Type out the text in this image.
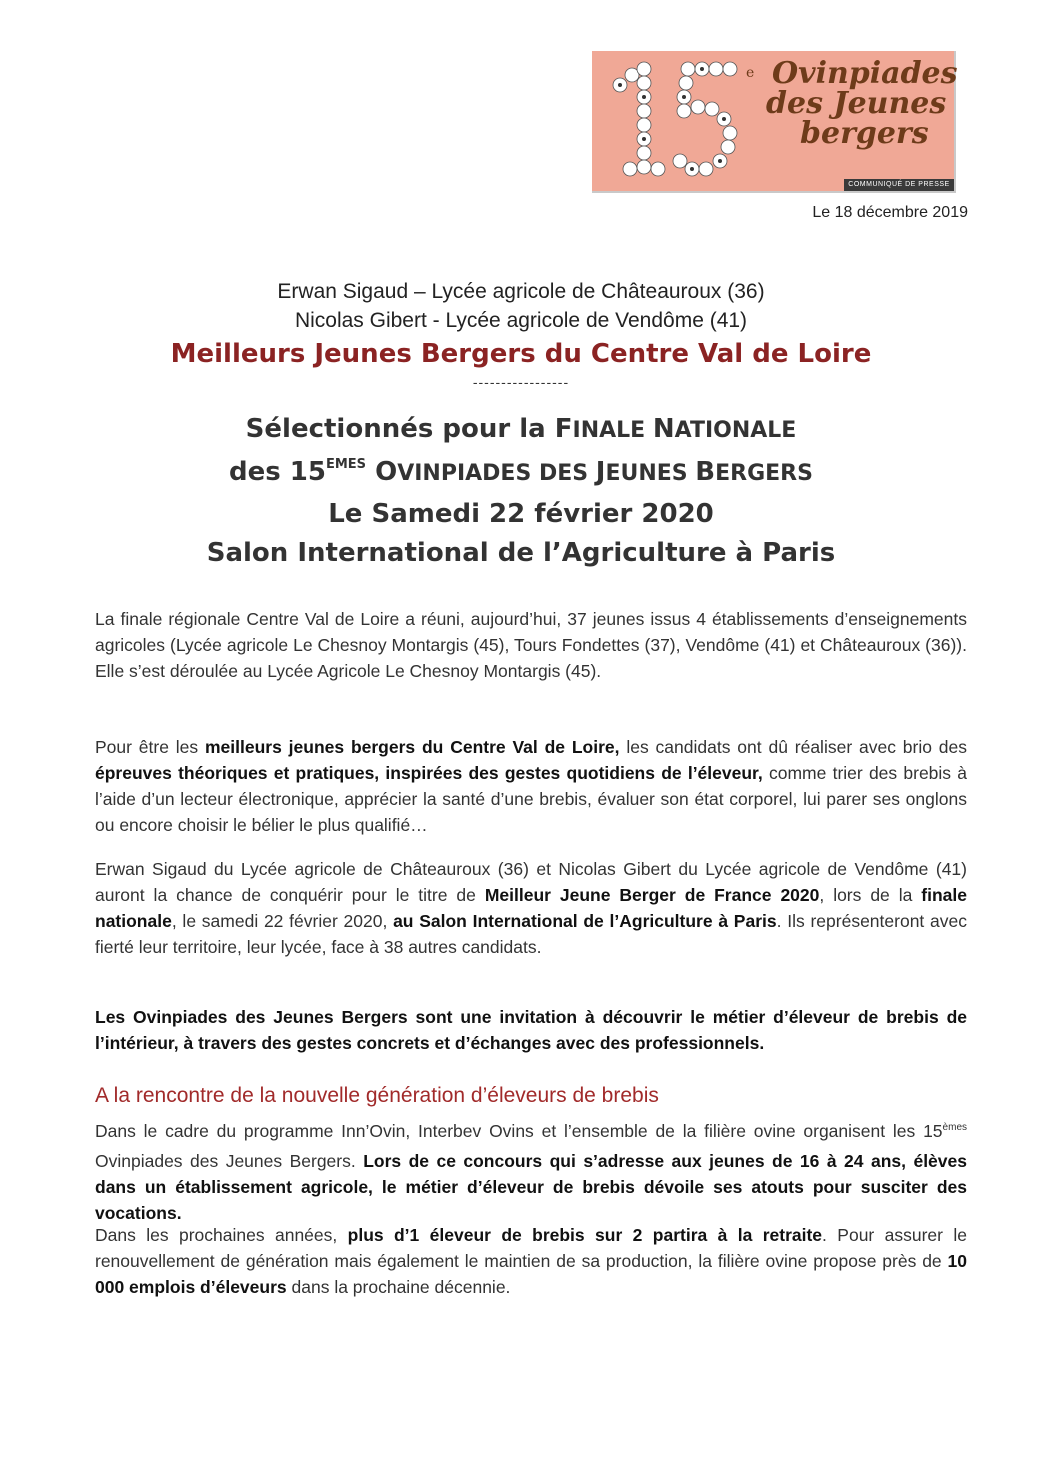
e Ovinpiades
des Jeunes
bergers
COMMUNIQUÉ DE PRESSE
Le 18 décembre 2019
Erwan Sigaud – Lycée agricole de Châteauroux (36)
Nicolas Gibert - Lycée agricole de Vendôme (41)
Meilleurs Jeunes Bergers du Centre Val de Loire
-----------------
Sélectionnés pour la FINALE NATIONALE
des 15EMES OVINPIADES DES JEUNES BERGERS
Le Samedi 22 février 2020
Salon International de l’Agriculture à Paris

La finale régionale Centre Val de Loire a réuni, aujourd’hui, 37 jeunes issus 4 établissements d’enseignements agricoles (Lycée agricole Le Chesnoy Montargis (45), Tours Fondettes (37), Vendôme (41) et Châteauroux (36)). Elle s’est déroulée au Lycée Agricole Le Chesnoy Montargis (45).

Pour être les meilleurs jeunes bergers du Centre Val de Loire, les candidats ont dû réaliser avec brio des épreuves théoriques et pratiques, inspirées des gestes quotidiens de l’éleveur, comme trier des brebis à l’aide d’un lecteur électronique, apprécier la santé d’une brebis, évaluer son état corporel, lui parer ses onglons ou encore choisir le bélier le plus qualifié…

Erwan Sigaud du Lycée agricole de Châteauroux (36) et Nicolas Gibert du Lycée agricole de Vendôme (41) auront la chance de conquérir pour le titre de Meilleur Jeune Berger de France 2020, lors de la finale nationale, le samedi 22 février 2020, au Salon International de l’Agriculture à Paris. Ils représenteront avec fierté leur territoire, leur lycée, face à 38 autres candidats.

Les Ovinpiades des Jeunes Bergers sont une invitation à découvrir le métier d’éleveur de brebis de l’intérieur, à travers des gestes concrets et d’échanges avec des professionnels.

A la rencontre de la nouvelle génération d’éleveurs de brebis

Dans le cadre du programme Inn’Ovin, Interbev Ovins et l’ensemble de la filière ovine organisent les 15èmes Ovinpiades des Jeunes Bergers. Lors de ce concours qui s’adresse aux jeunes de 16 à 24 ans, élèves dans un établissement agricole, le métier d’éleveur de brebis dévoile ses atouts pour susciter des vocations.

Dans les prochaines années, plus d’1 éleveur de brebis sur 2 partira à la retraite. Pour assurer le renouvellement de génération mais également le maintien de sa production, la filière ovine propose près de 10 000 emplois d’éleveurs dans la prochaine décennie.
